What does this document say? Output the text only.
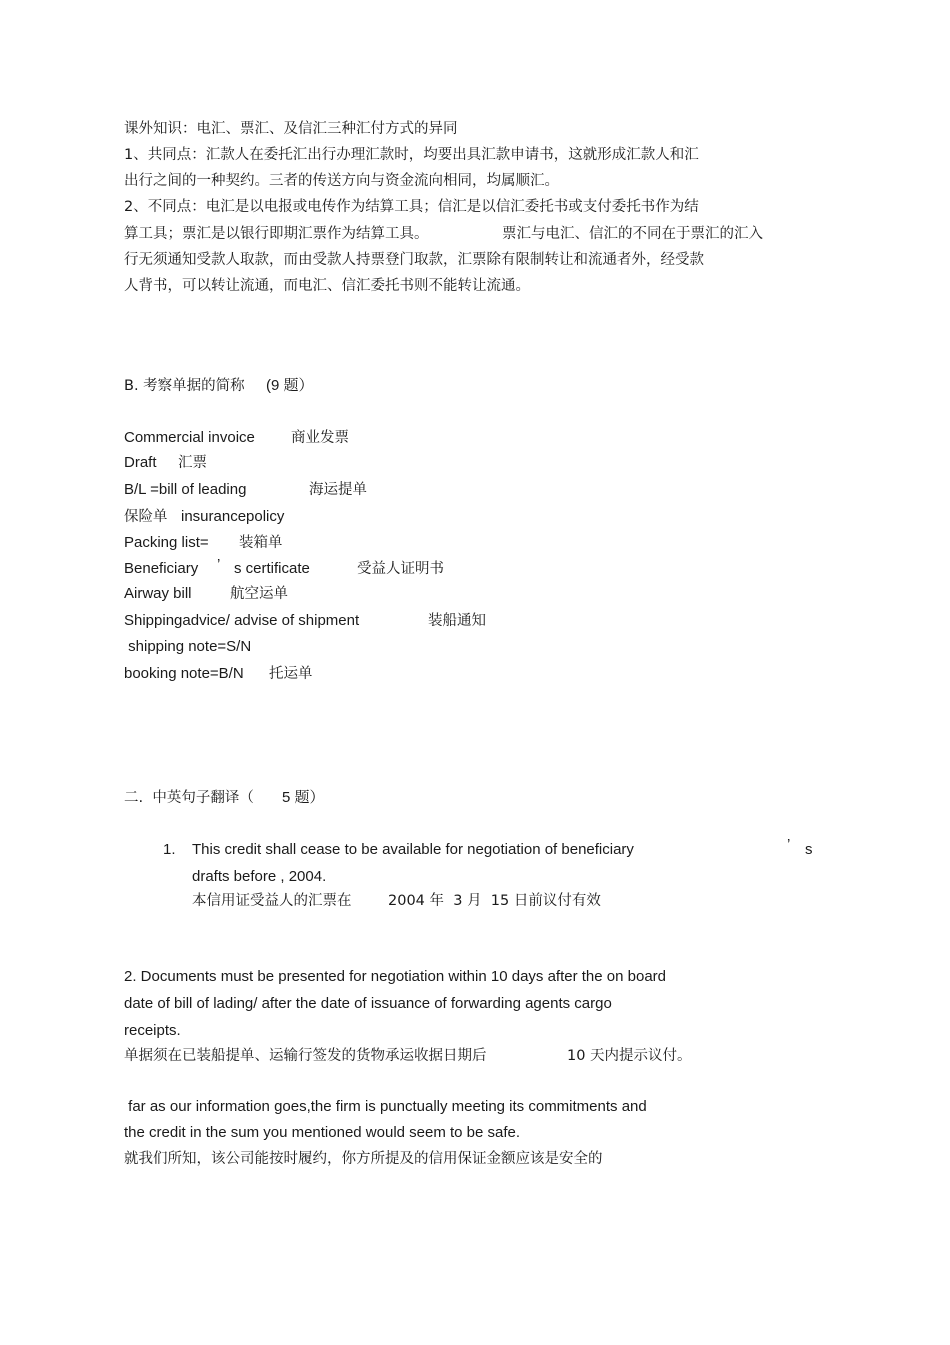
课外知识：电汇、票汇、及信汇三种汇付方式的异同
1、共同点：汇款人在委托汇出行办理汇款时，均要出具汇款申请书，这就形成汇款人和汇
出行之间的一种契约。三者的传送方向与资金流向相同，均属顺汇。
2、不同点：电汇是以电报或电传作为结算工具；信汇是以信汇委托书或支付委托书作为结
算工具；票汇是以银行即期汇票作为结算工具。	票汇与电汇、信汇的不同在于票汇的汇入
行无须通知受款人取款，而由受款人持票登门取款，汇票除有限制转让和流通者外，经受款
人背书，可以转让流通，而电汇、信汇委托书则不能转让流通。
B. 考察单据的简称 (9 题）
Commercial invoice 商业发票
Draft 汇票
B/L =bill of leading	海运提单
保险单 insurancepolicy
Packing list= 装箱单
Beneficiary ’ s certificate	受益人证明书
Airway bill	航空运单
Shippingadvice/ advise of shipment	装船通知
shipping note=S/N
booking note=B/N 托运单
二.  中英句子翻译（ 5 题）
1. This credit shall cease to be available for negotiation of beneficiary	’ s
drafts before , 2004.
本信用证受益人的汇票在	2004 年  3 月  15 日前议付有效
2. Documents must be presented for negotiation within 10 days after the on board
date of bill of lading/ after the date of issuance of forwarding agents cargo
receipts.
单据须在已装船提单、运输行签发的货物承运收据日期后	10 天内提示议付。
far as our information goes,the firm is punctually meeting its commitments and
the credit in the sum you mentioned would seem to be safe.
就我们所知，该公司能按时履约，你方所提及的信用保证金额应该是安全的
